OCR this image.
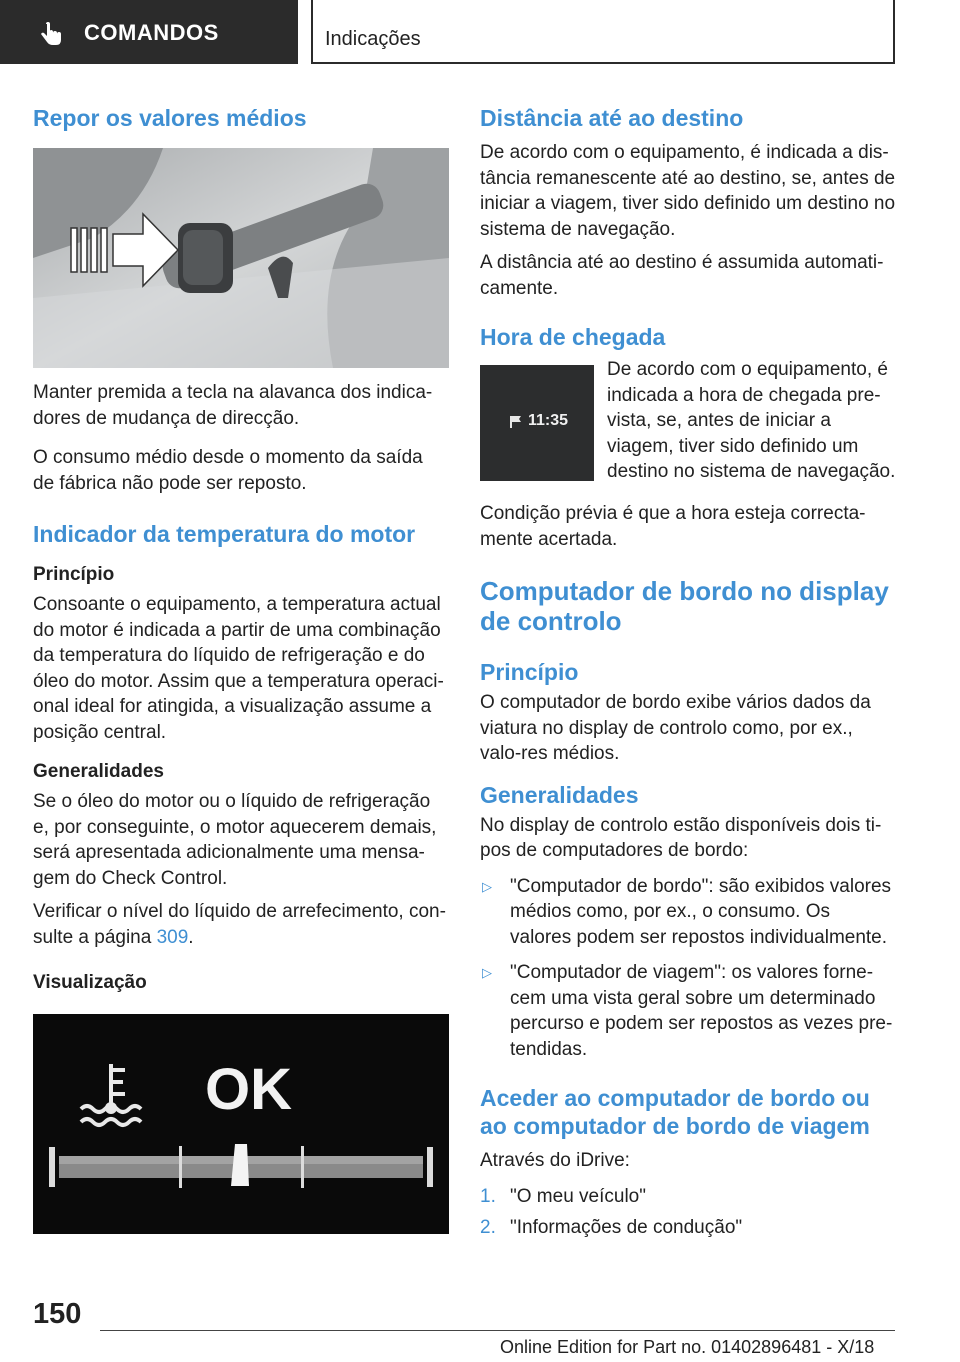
COMANDOS	Indicações
Repor os valores médios

Manter premida a tecla na alavanca dos indica-dores de mudança de direcção.

O consumo médio desde o momento da saída de fábrica não pode ser reposto.

Indicador da temperatura do motor
Princípio

Consoante o equipamento, a temperatura actual do motor é indicada a partir de uma combinação da temperatura do líquido de refrigeração e do óleo do motor. Assim que a temperatura operaci-onal ideal for atingida, a visualização assume a posição central.

Generalidades

Se o óleo do motor ou o líquido de refrigeração e, por conseguinte, o motor aquecerem demais, será apresentada adicionalmente uma mensa-gem do Check Control.

Verificar o nível do líquido de arrefecimento, con-sulte a página 309.

Visualização
OK
Distância até ao destino

De acordo com o equipamento, é indicada a dis-tância remanescente até ao destino, se, antes de iniciar a viagem, tiver sido definido um destino no sistema de navegação.

A distância até ao destino é assumida automati-camente.

Hora de chegada
11:35

De acordo com o equipamento, é indicada a hora de chegada pre-vista, se, antes de iniciar a viagem, tiver sido definido um destino no sistema de navegação.

Condição prévia é que a hora esteja correcta-mente acertada.

Computador de bordo no display de controlo
Princípio

O computador de bordo exibe vários dados da viatura no display de controlo como, por ex., valo-res médios.

Generalidades

No display de controlo estão disponíveis dois ti-pos de computadores de bordo:

▷ "Computador de bordo": são exibidos valores médios como, por ex., o consumo. Os valores podem ser repostos individualmente.
▷ "Computador de viagem": os valores forne-cem uma vista geral sobre um determinado percurso e podem ser repostos as vezes pre-tendidas.
Aceder ao computador de bordo ou ao computador de bordo de viagem

Através do iDrive:

1. "O meu veículo"
2. "Informações de condução"
150
Online Edition for Part no. 01402896481 - X/18
